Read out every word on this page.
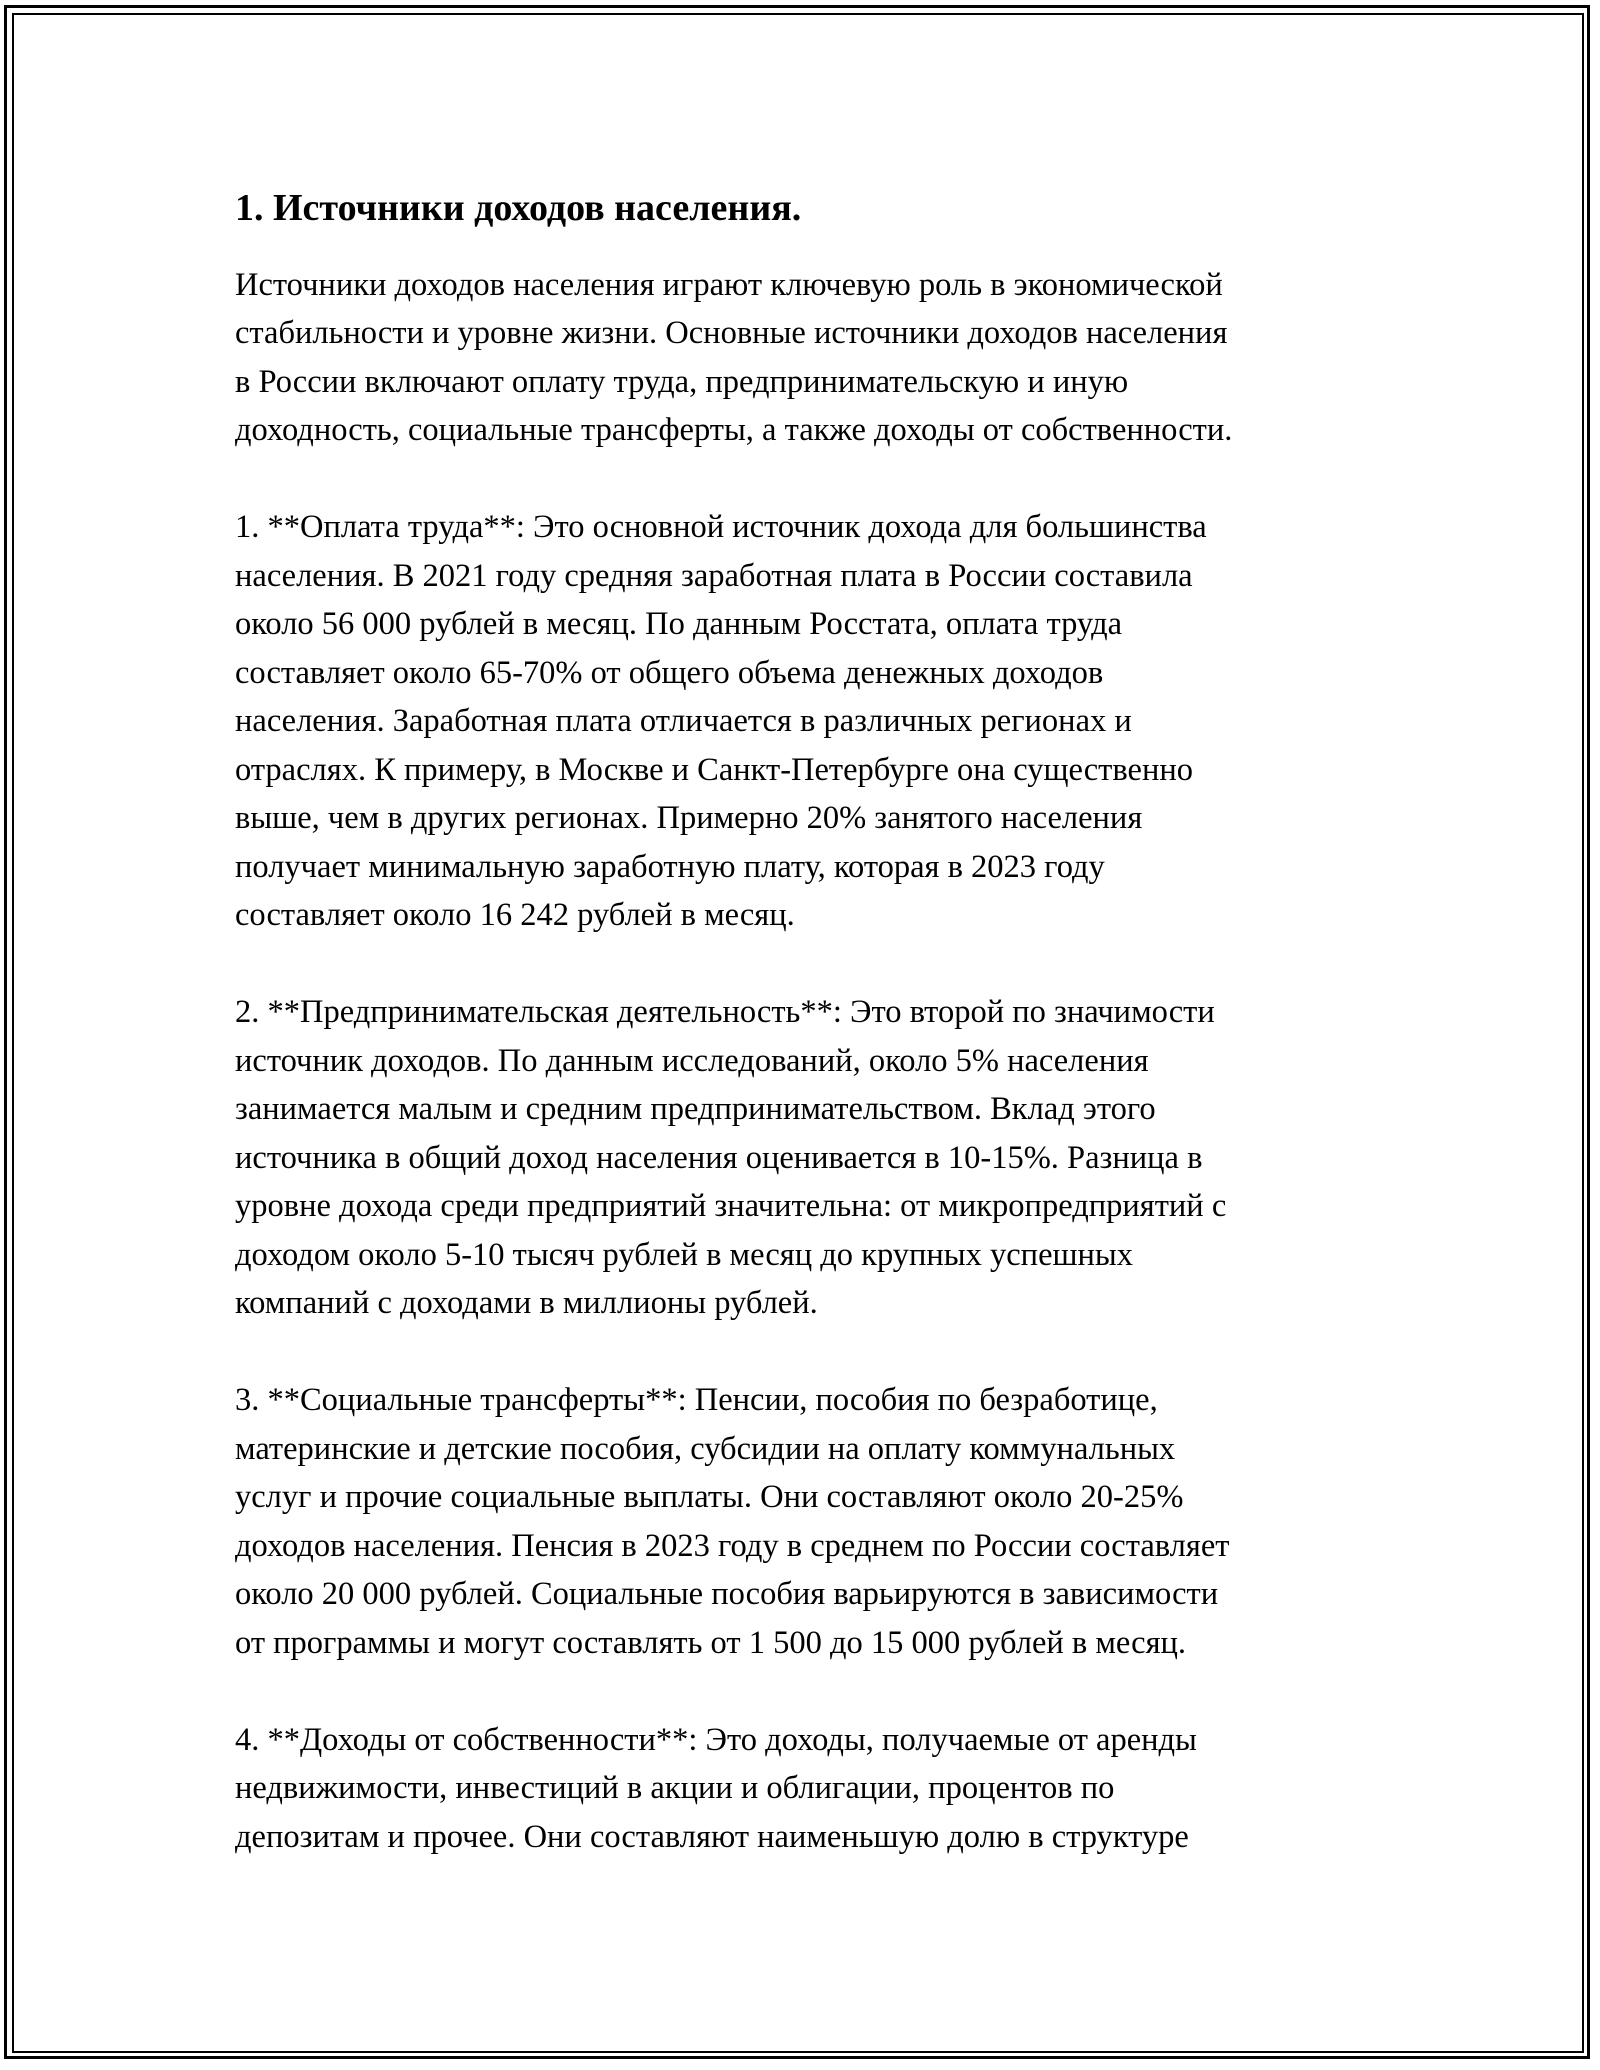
1. Источники доходов населения.

Источники доходов населения играют ключевую роль в экономической
стабильности и уровне жизни. Основные источники доходов населения
в России включают оплату труда, предпринимательскую и иную
доходность, социальные трансферты, а также доходы от собственности.

1. **Оплата труда**: Это основной источник дохода для большинства
населения. В 2021 году средняя заработная плата в России составила
около 56 000 рублей в месяц. По данным Росстата, оплата труда
составляет около 65-70% от общего объема денежных доходов
населения. Заработная плата отличается в различных регионах и
отраслях. К примеру, в Москве и Санкт-Петербурге она существенно
выше, чем в других регионах. Примерно 20% занятого населения
получает минимальную заработную плату, которая в 2023 году
составляет около 16 242 рублей в месяц.

2. **Предпринимательская деятельность**: Это второй по значимости
источник доходов. По данным исследований, около 5% населения
занимается малым и средним предпринимательством. Вклад этого
источника в общий доход населения оценивается в 10-15%. Разница в
уровне дохода среди предприятий значительна: от микропредприятий с
доходом около 5-10 тысяч рублей в месяц до крупных успешных
компаний с доходами в миллионы рублей.

3. **Социальные трансферты**: Пенсии, пособия по безработице,
материнские и детские пособия, субсидии на оплату коммунальных
услуг и прочие социальные выплаты. Они составляют около 20-25%
доходов населения. Пенсия в 2023 году в среднем по России составляет
около 20 000 рублей. Социальные пособия варьируются в зависимости
от программы и могут составлять от 1 500 до 15 000 рублей в месяц.

4. **Доходы от собственности**: Это доходы, получаемые от аренды
недвижимости, инвестиций в акции и облигации, процентов по
депозитам и прочее. Они составляют наименьшую долю в структуре
